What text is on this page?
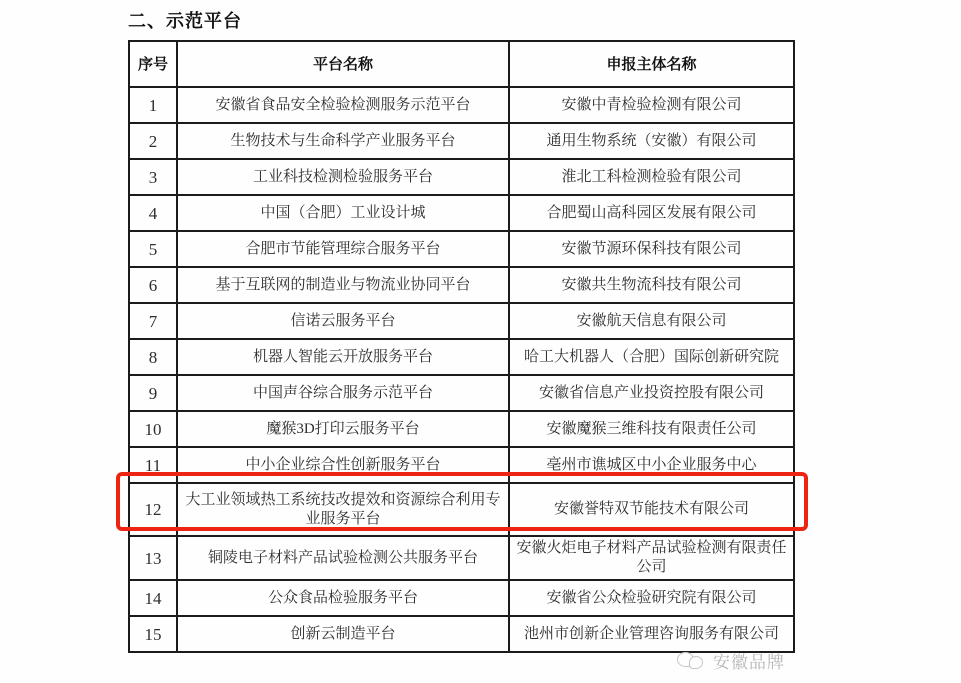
二、示范平台
序号	平台名称	申报主体名称
1	安徽省食品安全检验检测服务示范平台	安徽中青检验检测有限公司
2	生物技术与生命科学产业服务平台	通用生物系统（安徽）有限公司
3	工业科技检测检验服务平台	淮北工科检测检验有限公司
4	中国（合肥）工业设计城	合肥蜀山高科园区发展有限公司
5	合肥市节能管理综合服务平台	安徽节源环保科技有限公司
6	基于互联网的制造业与物流业协同平台	安徽共生物流科技有限公司
7	信诺云服务平台	安徽航天信息有限公司
8	机器人智能云开放服务平台	哈工大机器人（合肥）国际创新研究院
9	中国声谷综合服务示范平台	安徽省信息产业投资控股有限公司
10	魔猴3D打印云服务平台	安徽魔猴三维科技有限责任公司
11	中小企业综合性创新服务平台	亳州市谯城区中小企业服务中心
12	大工业领域热工系统技改提效和资源综合利用专业服务平台	安徽誉特双节能技术有限公司
13	铜陵电子材料产品试验检测公共服务平台	安徽火炬电子材料产品试验检测有限责任公司
14	公众食品检验服务平台	安徽省公众检验研究院有限公司
15	创新云制造平台	池州市创新企业管理咨询服务有限公司
安徽品牌
